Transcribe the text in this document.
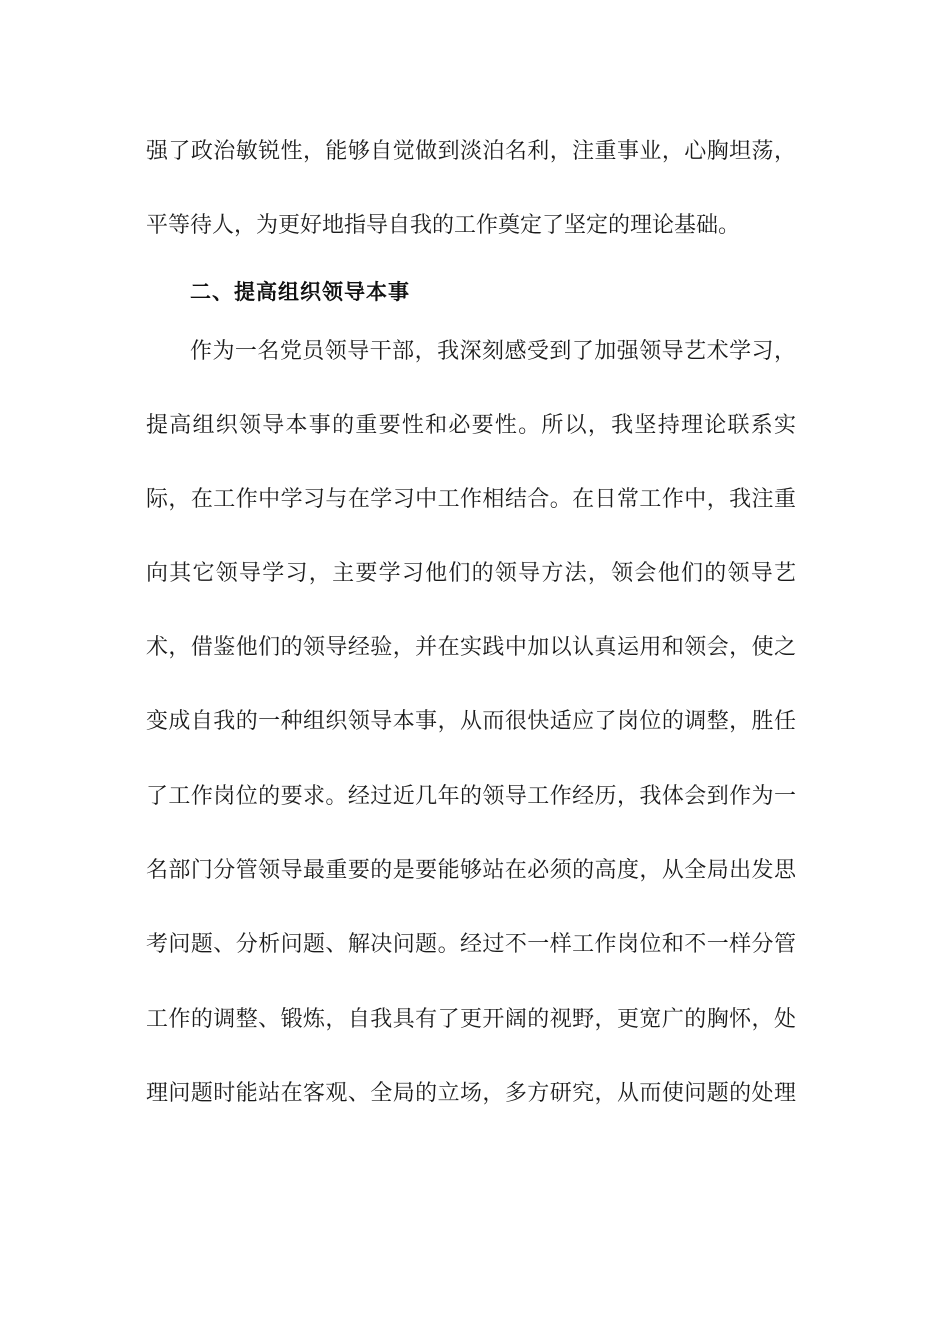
强了政治敏锐性，能够自觉做到淡泊名利，注重事业，心胸坦荡，
平等待人，为更好地指导自我的工作奠定了坚定的理论基础。
二、提高组织领导本事
作为一名党员领导干部，我深刻感受到了加强领导艺术学习，
提高组织领导本事的重要性和必要性。所以，我坚持理论联系实
际，在工作中学习与在学习中工作相结合。在日常工作中，我注重
向其它领导学习，主要学习他们的领导方法，领会他们的领导艺
术，借鉴他们的领导经验，并在实践中加以认真运用和领会，使之
变成自我的一种组织领导本事，从而很快适应了岗位的调整，胜任
了工作岗位的要求。经过近几年的领导工作经历，我体会到作为一
名部门分管领导最重要的是要能够站在必须的高度，从全局出发思
考问题、分析问题、解决问题。经过不一样工作岗位和不一样分管
工作的调整、锻炼，自我具有了更开阔的视野，更宽广的胸怀，处
理问题时能站在客观、全局的立场，多方研究，从而使问题的处理
